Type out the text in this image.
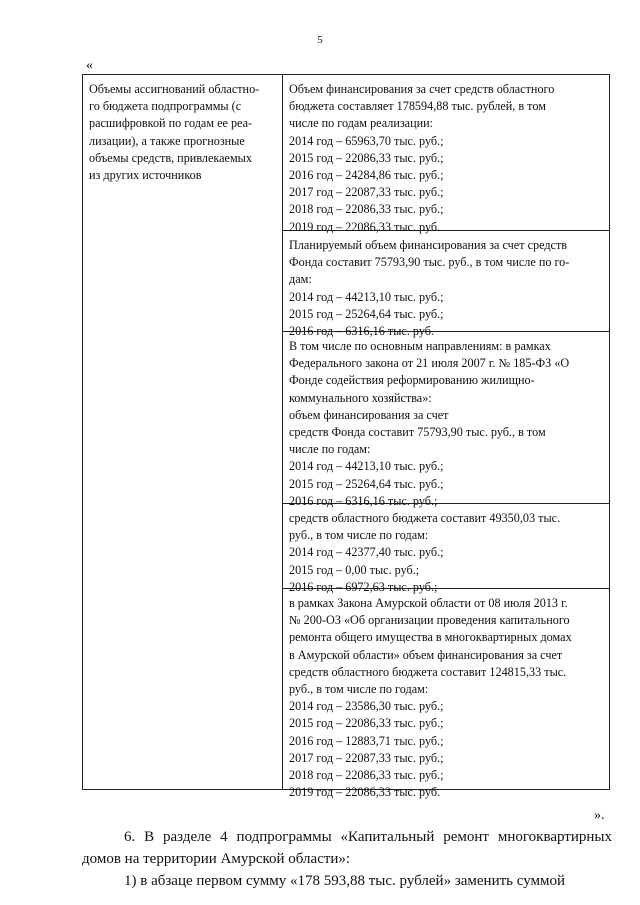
5
«
Объемы ассигнований областно-
го бюджета подпрограммы (с
расшифровкой по годам ее реа-
лизации), а также прогнозные
объемы средств, привлекаемых
из других источников
Объем финансирования за счет средств областного
бюджета составляет 178594,88 тыс. рублей, в том
числе по годам реализации:
2014 год – 65963,70 тыс. руб.;
2015 год – 22086,33 тыс. руб.;
2016 год – 24284,86 тыс. руб.;
2017 год – 22087,33 тыс. руб.;
2018 год – 22086,33 тыс. руб.;
2019 год – 22086,33 тыс. руб.
Планируемый объем финансирования за счет средств
Фонда составит 75793,90 тыс. руб., в том числе по го-
дам:
2014 год – 44213,10 тыс. руб.;
2015 год – 25264,64 тыс. руб.;
2016 год – 6316,16 тыс. руб.
В том числе по основным направлениям: в рамках
Федерального закона от 21 июля 2007 г. № 185-ФЗ «О
Фонде содействия реформированию жилищно-
коммунального хозяйства»:
объем финансирования за счет
средств Фонда составит 75793,90 тыс. руб., в том
числе по годам:
2014 год – 44213,10 тыс. руб.;
2015 год – 25264,64 тыс. руб.;
2016 год – 6316,16 тыс. руб.;
средств областного бюджета составит 49350,03 тыс.
руб., в том числе по годам:
2014 год – 42377,40 тыс. руб.;
2015 год – 0,00 тыс. руб.;
2016 год – 6972,63 тыс. руб.;
в рамках Закона Амурской области от 08 июля 2013 г.
№ 200-ОЗ «Об организации проведения капитального
ремонта общего имущества в многоквартирных домах
в Амурской области» объем финансирования за счет
средств областного бюджета составит 124815,33 тыс.
руб., в том числе по годам:
2014 год – 23586,30 тыс. руб.;
2015 год – 22086,33 тыс. руб.;
2016 год – 12883,71 тыс. руб.;
2017 год – 22087,33 тыс. руб.;
2018 год – 22086,33 тыс. руб.;
2019 год – 22086,33 тыс. руб.
».
6. В разделе 4 подпрограммы «Капитальный ремонт многоквартирных домов на территории Амурской области»:
1) в абзаце первом сумму «178 593,88 тыс. рублей» заменить суммой
